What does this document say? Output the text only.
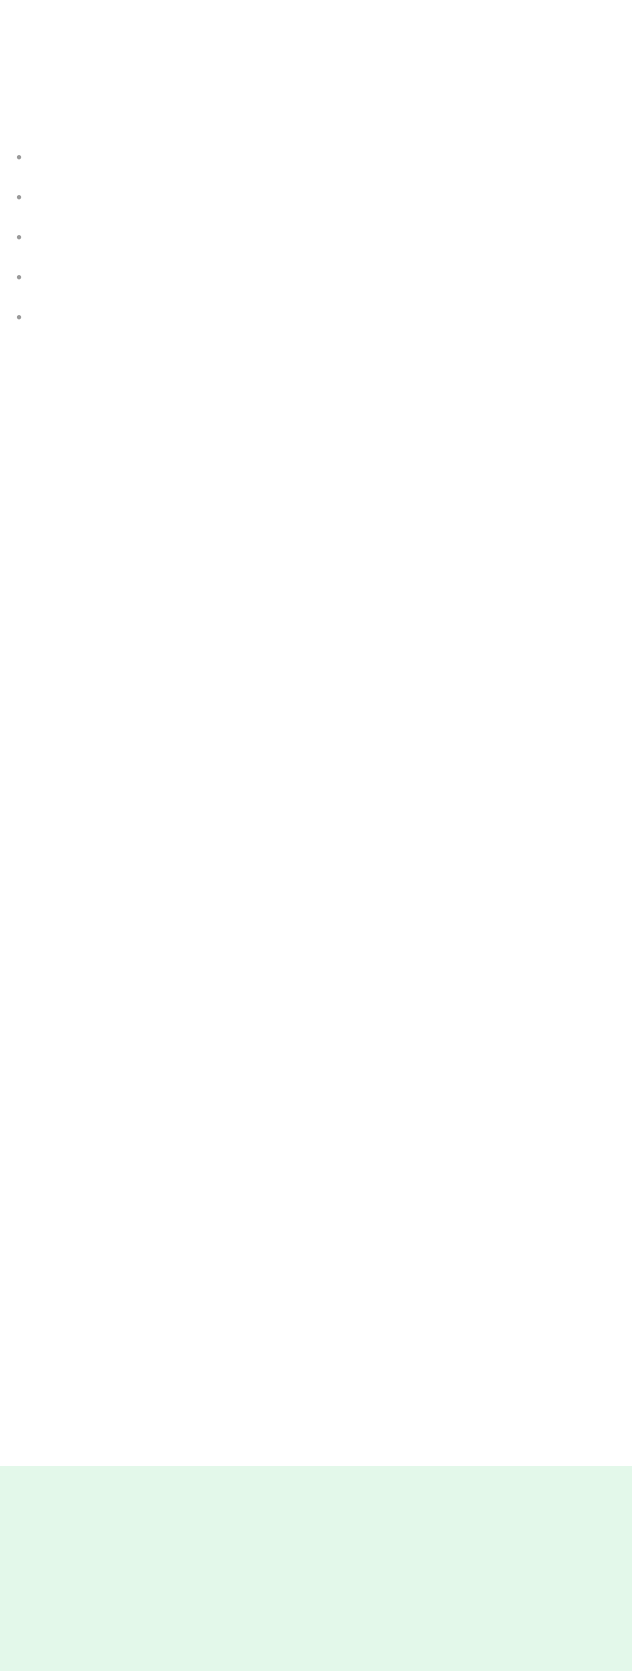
●
●
●
●
●
